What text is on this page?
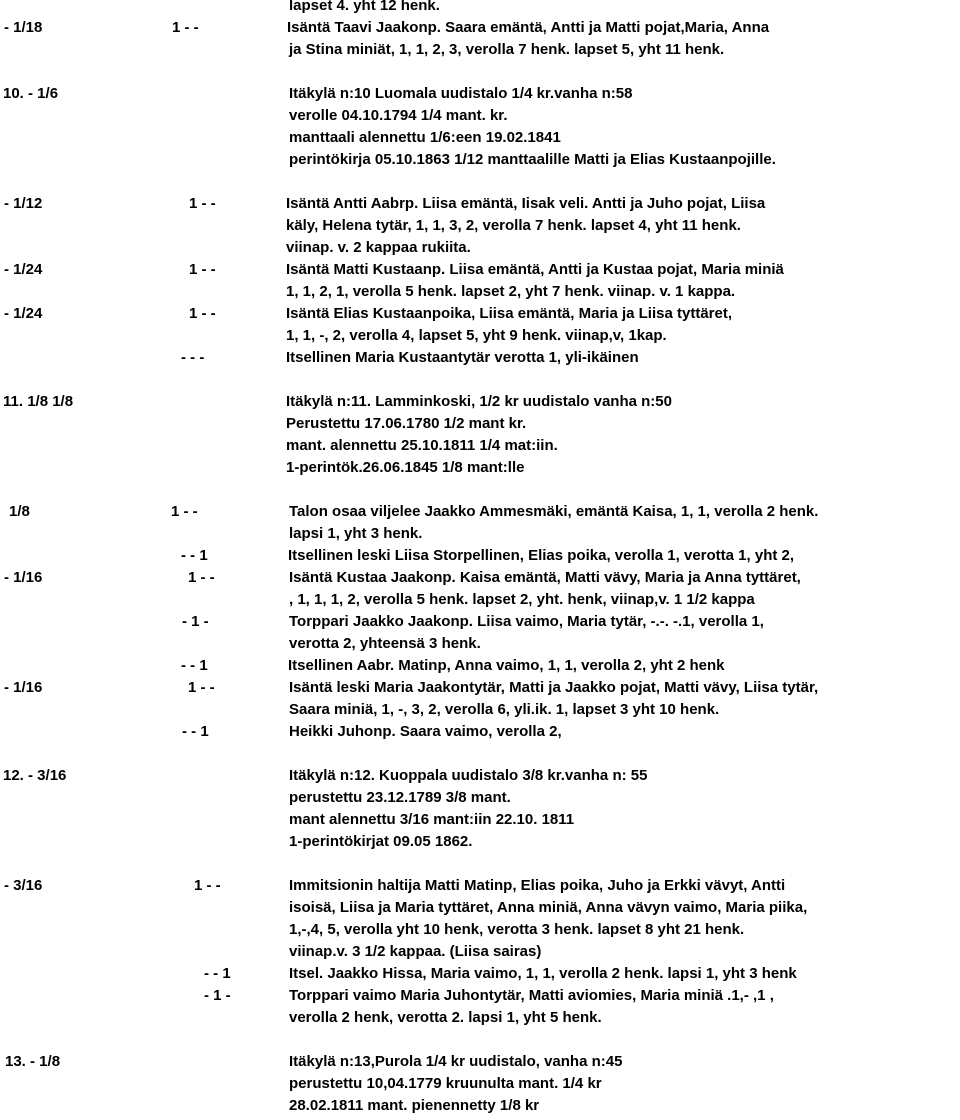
lapset 4. yht 12 henk.
- 1/18	1 - -	Isäntä Taavi Jaakonp. Saara emäntä, Antti ja Matti pojat,Maria, Anna
ja Stina miniät, 1, 1, 2, 3, verolla 7 henk. lapset 5, yht 11 henk.
10. - 1/6	Itäkylä n:10 Luomala uudistalo 1/4 kr.vanha n:58
verolle 04.10.1794 1/4 mant. kr.
manttaali alennettu 1/6:een 19.02.1841
perintökirja 05.10.1863 1/12 manttaalille Matti ja Elias Kustaanpojille.
- 1/12	1 - -	Isäntä Antti Aabrp. Liisa emäntä, Iisak veli. Antti ja Juho pojat, Liisa
käly, Helena tytär, 1, 1, 3, 2, verolla 7 henk. lapset 4, yht 11 henk.
viinap. v. 2 kappaa rukiita.
- 1/24	1 - -	Isäntä Matti Kustaanp. Liisa emäntä, Antti ja Kustaa pojat, Maria miniä
1, 1, 2, 1, verolla 5 henk. lapset 2, yht 7 henk. viinap. v. 1 kappa.
- 1/24	1 - -	Isäntä Elias Kustaanpoika, Liisa emäntä, Maria ja Liisa tyttäret,
1, 1, -, 2, verolla 4, lapset 5, yht 9 henk. viinap,v, 1kap.
- - -	Itsellinen Maria Kustaantytär verotta 1, yli-ikäinen
11. 1/8 1/8	Itäkylä n:11. Lamminkoski, 1/2 kr uudistalo vanha n:50
Perustettu 17.06.1780 1/2 mant kr.
mant. alennettu 25.10.1811 1/4 mat:iin.
1-perintök.26.06.1845 1/8 mant:lle
1/8	1 - -	Talon osaa viljelee Jaakko Ammesmäki, emäntä Kaisa, 1, 1, verolla 2 henk.
lapsi 1, yht 3 henk.
- - 1	Itsellinen leski Liisa Storpellinen, Elias poika, verolla 1, verotta 1, yht 2,
- 1/16	1 - -	Isäntä Kustaa Jaakonp. Kaisa emäntä, Matti vävy, Maria ja Anna tyttäret,
, 1, 1, 1, 2, verolla 5 henk. lapset 2, yht. henk, viinap,v. 1 1/2 kappa
- 1 -	Torppari Jaakko Jaakonp. Liisa vaimo, Maria tytär, -.-. -.1, verolla 1,
verotta 2, yhteensä 3 henk.
- - 1	Itsellinen Aabr. Matinp, Anna vaimo, 1, 1, verolla 2, yht 2 henk
- 1/16	1 - -	Isäntä leski Maria Jaakontytär, Matti ja Jaakko pojat, Matti vävy, Liisa tytär,
Saara miniä, 1, -, 3, 2, verolla 6, yli.ik. 1, lapset 3 yht 10 henk.
- - 1	Heikki Juhonp. Saara vaimo, verolla 2,
12. - 3/16	Itäkylä n:12. Kuoppala uudistalo 3/8 kr.vanha n: 55
perustettu 23.12.1789 3/8 mant.
mant alennettu 3/16 mant:iin 22.10. 1811
1-perintökirjat 09.05 1862.
- 3/16	1 - -	Immitsionin haltija Matti Matinp, Elias poika, Juho ja Erkki vävyt, Antti
isoisä, Liisa ja Maria tyttäret, Anna miniä, Anna vävyn vaimo, Maria piika,
1,-,4, 5, verolla yht 10 henk, verotta 3 henk. lapset 8 yht 21 henk.
viinap.v. 3 1/2 kappaa. (Liisa sairas)
- - 1	Itsel. Jaakko Hissa, Maria vaimo, 1, 1, verolla 2 henk. lapsi 1, yht 3 henk
- 1 -	Torppari vaimo Maria Juhontytär, Matti aviomies, Maria miniä .1,- ,1 ,
verolla 2 henk, verotta 2. lapsi 1, yht 5 henk.
13. - 1/8	Itäkylä n:13,Purola 1/4 kr uudistalo, vanha n:45
perustettu 10,04.1779 kruunulta mant. 1/4 kr
28.02.1811 mant. pienennetty 1/8 kr
